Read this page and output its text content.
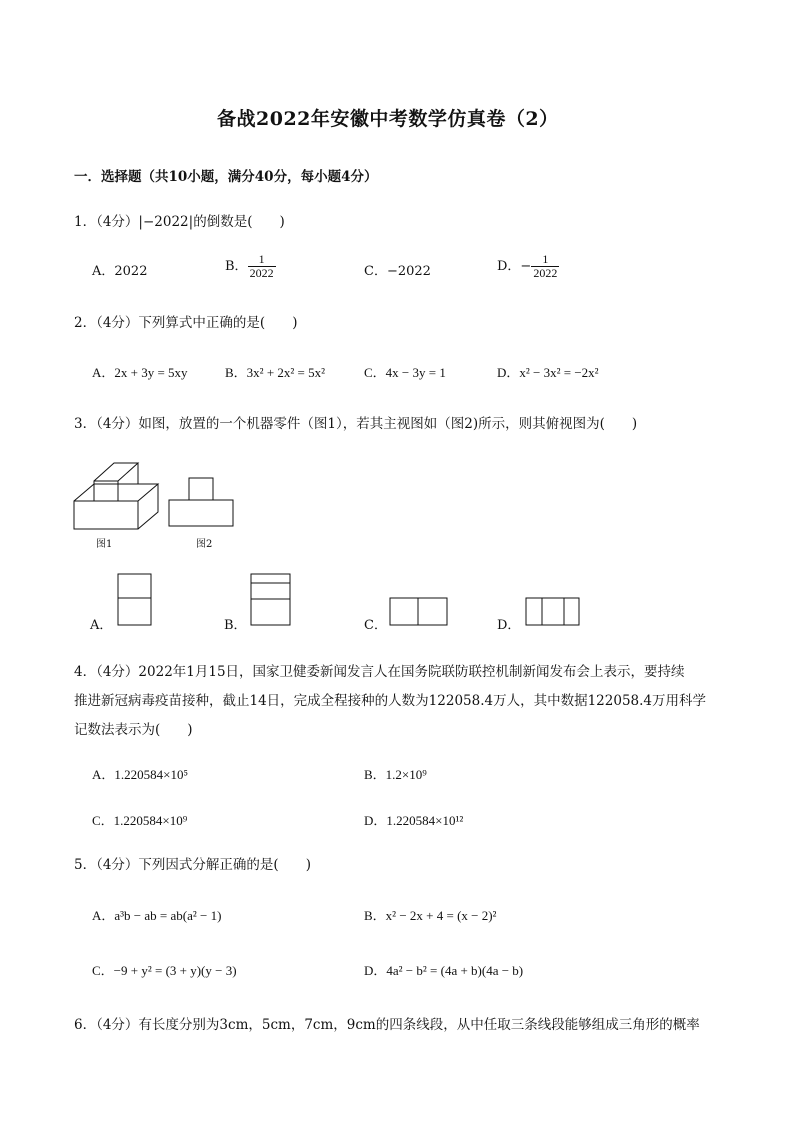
备战2022年安徽中考数学仿真卷（2）
一．选择题（共10小题，满分40分，每小题4分）
1．（4分）|−2022|的倒数是(　　)
A．2022	B． $\frac{1}{2022}$	C．−2022	D．− $\frac{1}{2022}$
2．（4分）下列算式中正确的是(　　)
A．2x + 3y = 5xy	B．3x² + 2x² = 5x²	C．4x − 3y = 1	D．x² − 3x² = −2x²
3．（4分）如图，放置的一个机器零件（图1），若其主视图如（图2)所示，则其俯视图为(　　)
图1	图2
A．	B．	C．	D．
4．（4分）2022年1月15日，国家卫健委新闻发言人在国务院联防联控机制新闻发布会上表示，要持续
推进新冠病毒疫苗接种，截止14日，完成全程接种的人数为122058.4万人，其中数据122058.4万用科学
记数法表示为(　　)
A．1.220584×10⁵	B．1.2×10⁹
C．1.220584×10⁹	D．1.220584×10¹²
5．（4分）下列因式分解正确的是(　　)
A．a³b − ab = ab(a² − 1)	B．x² − 2x + 4 = (x − 2)²
C．−9 + y² = (3 + y)(y − 3)	D．4a² − b² = (4a + b)(4a − b)
6．（4分）有长度分别为3cm，5cm，7cm，9cm的四条线段，从中任取三条线段能够组成三角形的概率
